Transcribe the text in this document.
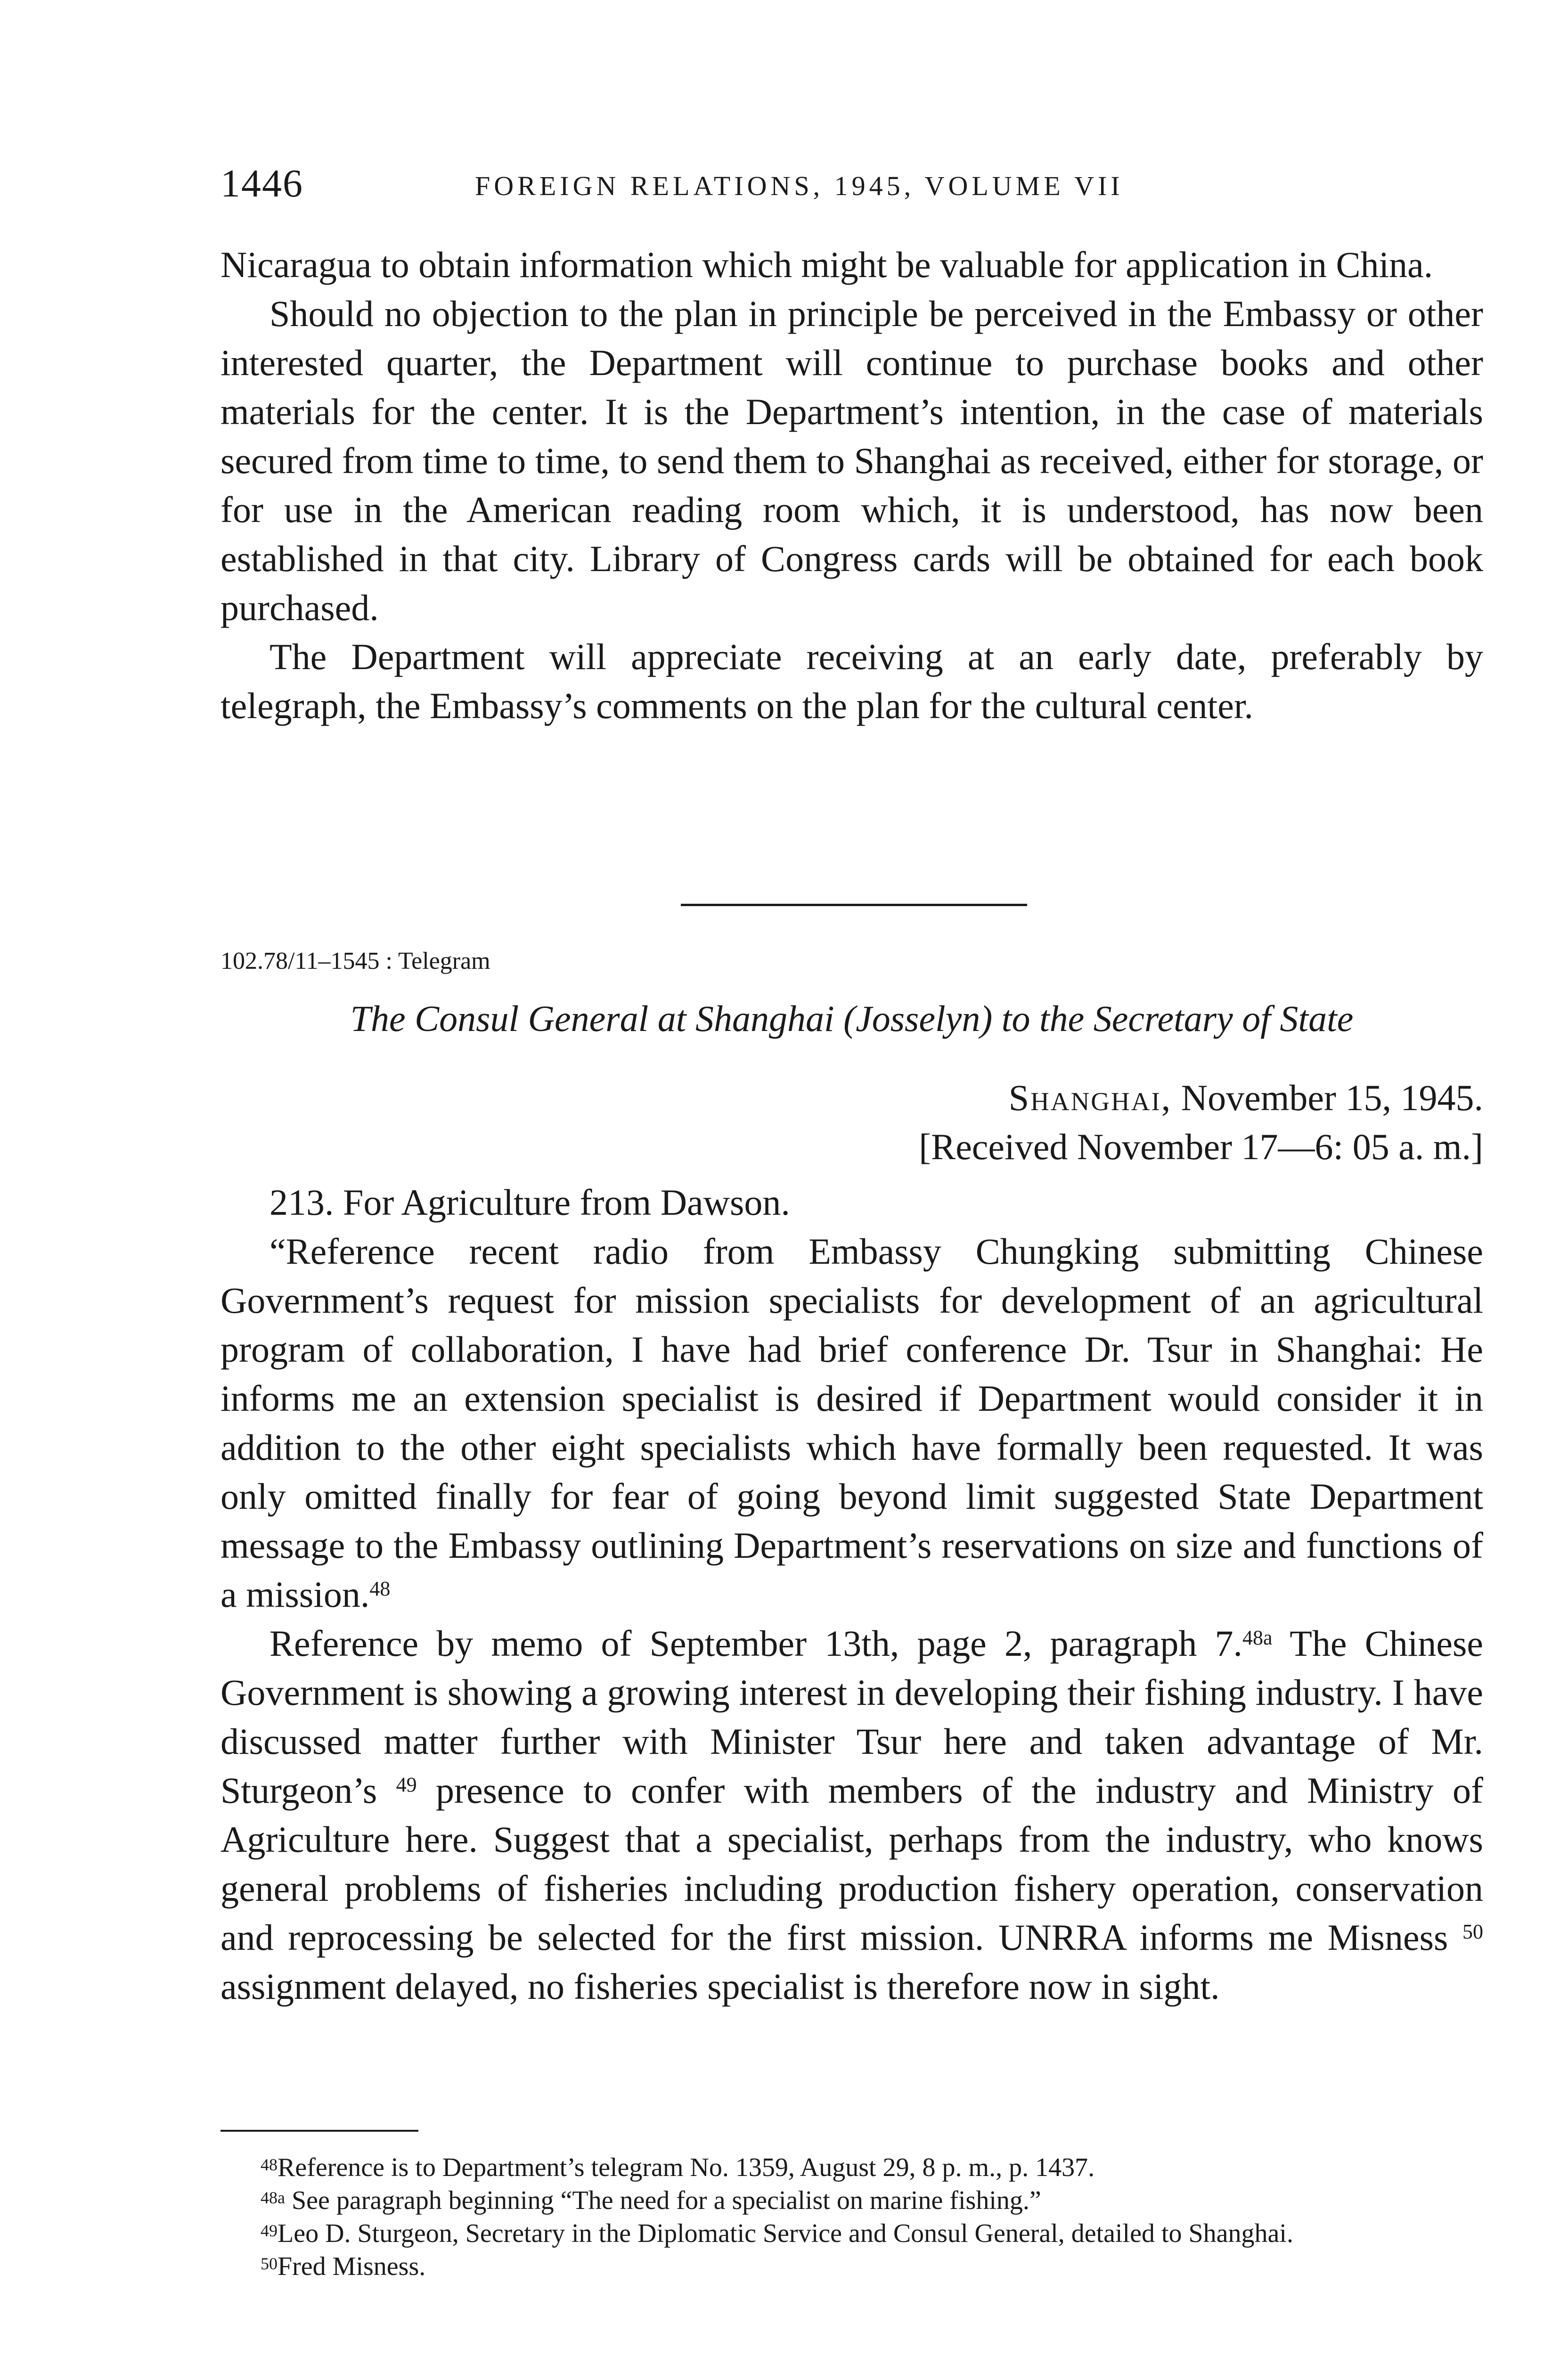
1446	FOREIGN RELATIONS, 1945, VOLUME VII

Nicaragua to obtain information which might be valuable for application in China.

Should no objection to the plan in principle be perceived in the Embassy or other interested quarter, the Department will continue to purchase books and other materials for the center. It is the Department’s intention, in the case of materials secured from time to time, to send them to Shanghai as received, either for storage, or for use in the American reading room which, it is understood, has now been established in that city. Library of Congress cards will be obtained for each book purchased.

The Department will appreciate receiving at an early date, preferably by telegraph, the Embassy’s comments on the plan for the cultural center.

102.78/11–1545 : Telegram
The Consul General at Shanghai (Josselyn) to the Secretary of State
Shanghai, November 15, 1945.
[Received November 17—6: 05 a. m.]

213. For Agriculture from Dawson.

“Reference recent radio from Embassy Chungking submitting Chinese Government’s request for mission specialists for development of an agricultural program of collaboration, I have had brief conference Dr. Tsur in Shanghai: He informs me an extension specialist is desired if Department would consider it in addition to the other eight specialists which have formally been requested. It was only omitted finally for fear of going beyond limit suggested State Department message to the Embassy outlining Department’s reservations on size and functions of a mission.$^{48}$

Reference by memo of September 13th, page 2, paragraph 7.$^{48a}$ The Chinese Government is showing a growing interest in developing their fishing industry. I have discussed matter further with Minister Tsur here and taken advantage of Mr. Sturgeon’s $^{49}$ presence to confer with members of the industry and Ministry of Agriculture here. Suggest that a specialist, perhaps from the industry, who knows general problems of fisheries including production fishery operation, conservation and reprocessing be selected for the first mission. UNRRA informs me Misness $^{50}$ assignment delayed, no fisheries specialist is therefore now in sight.

$^{48}$Reference is to Department’s telegram No. 1359, August 29, 8 p. m., p. 1437.

$^{48a}$ See paragraph beginning “The need for a specialist on marine fishing.”

$^{49}$Leo D. Sturgeon, Secretary in the Diplomatic Service and Consul General, detailed to Shanghai.

$^{50}$Fred Misness.
